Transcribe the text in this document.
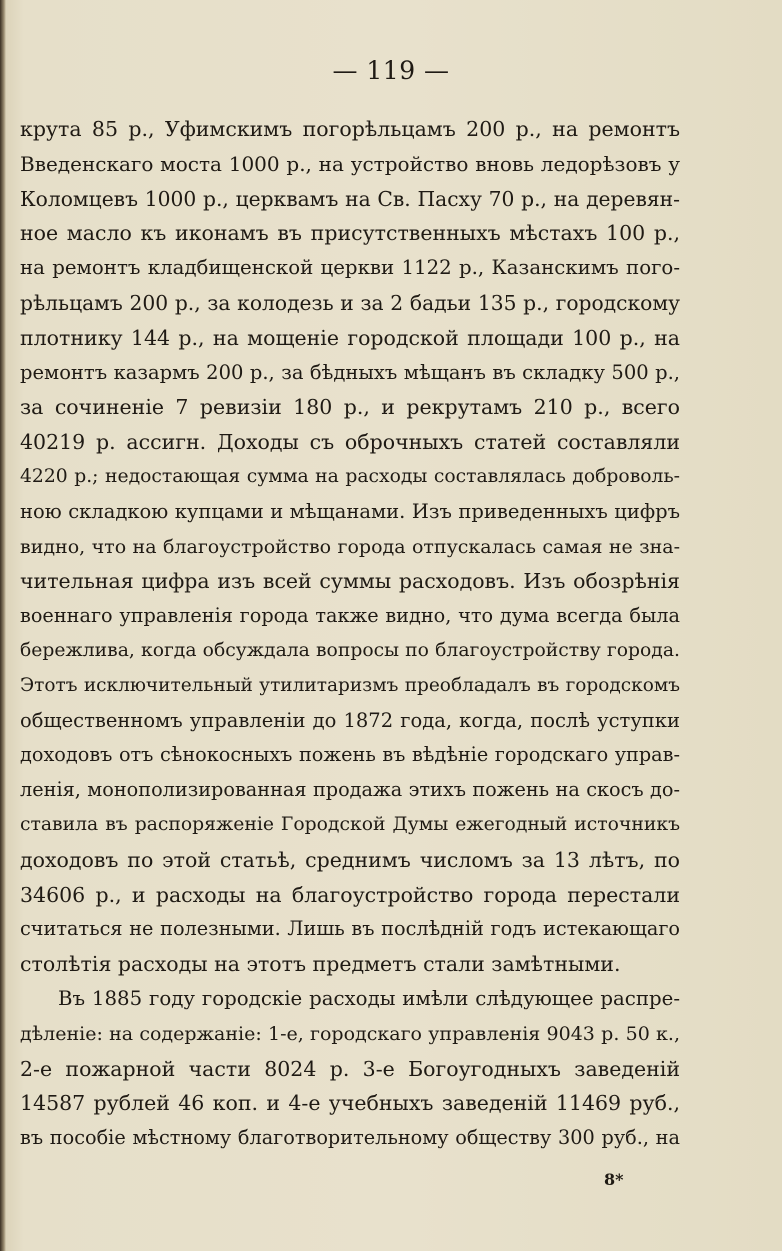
— 119 —
крута 85 р., Уфимскимъ погорѣльцамъ 200 р., на ремонтъ
Введенскаго моста 1000 р., на устройство вновь ледорѣзовъ у
Коломцевъ 1000 р., церквамъ на Св. Пасху 70 р., на деревян-
ное масло къ иконамъ въ присутственныхъ мѣстахъ 100 р.,
на ремонтъ кладбищенской церкви 1122 р., Казанскимъ пого-
рѣльцамъ 200 р., за колодезь и за 2 бадьи 135 р., городскому
плотнику 144 р., на мощеніе городской площади 100 р., на
ремонтъ казармъ 200 р., за бѣдныхъ мѣщанъ въ складку 500 р.,
за сочиненіе 7 ревизіи 180 р., и рекрутамъ 210 р., всего
40219 р. ассигн. Доходы съ оброчныхъ статей составляли
4220 р.; недостающая сумма на расходы составлялась доброволь-
ною складкою купцами и мѣщанами. Изъ приведенныхъ цифръ
видно, что на благоустройство города отпускалась самая не зна-
чительная цифра изъ всей суммы расходовъ. Изъ обозрѣнія
военнаго управленія города также видно, что дума всегда была
бережлива, когда обсуждала вопросы по благоустройству города.
Этотъ исключительный утилитаризмъ преобладалъ въ городскомъ
общественномъ управленіи до 1872 года, когда, послѣ уступки
доходовъ отъ сѣнокосныхъ пожень въ вѣдѣніе городскаго управ-
ленія, монополизированная продажа этихъ пожень на скосъ до-
ставила въ распоряженіе Городской Думы ежегодный источникъ
доходовъ по этой статьѣ, среднимъ числомъ за 13 лѣтъ, по
34606 р., и расходы на благоустройство города перестали
считаться не полезными. Лишь въ послѣдній годъ истекающаго
столѣтія расходы на этотъ предметъ стали замѣтными.
Въ 1885 году городскіе расходы имѣли слѣдующее распре-
дѣленіе: на содержаніе: 1-е, городскаго управленія 9043 р. 50 к.,
2-е пожарной части 8024 р. 3-е Богоугодныхъ заведеній
14587 рублей 46 коп. и 4-е учебныхъ заведеній 11469 руб.,
въ пособіе мѣстному благотворительному обществу 300 руб., на
8*
